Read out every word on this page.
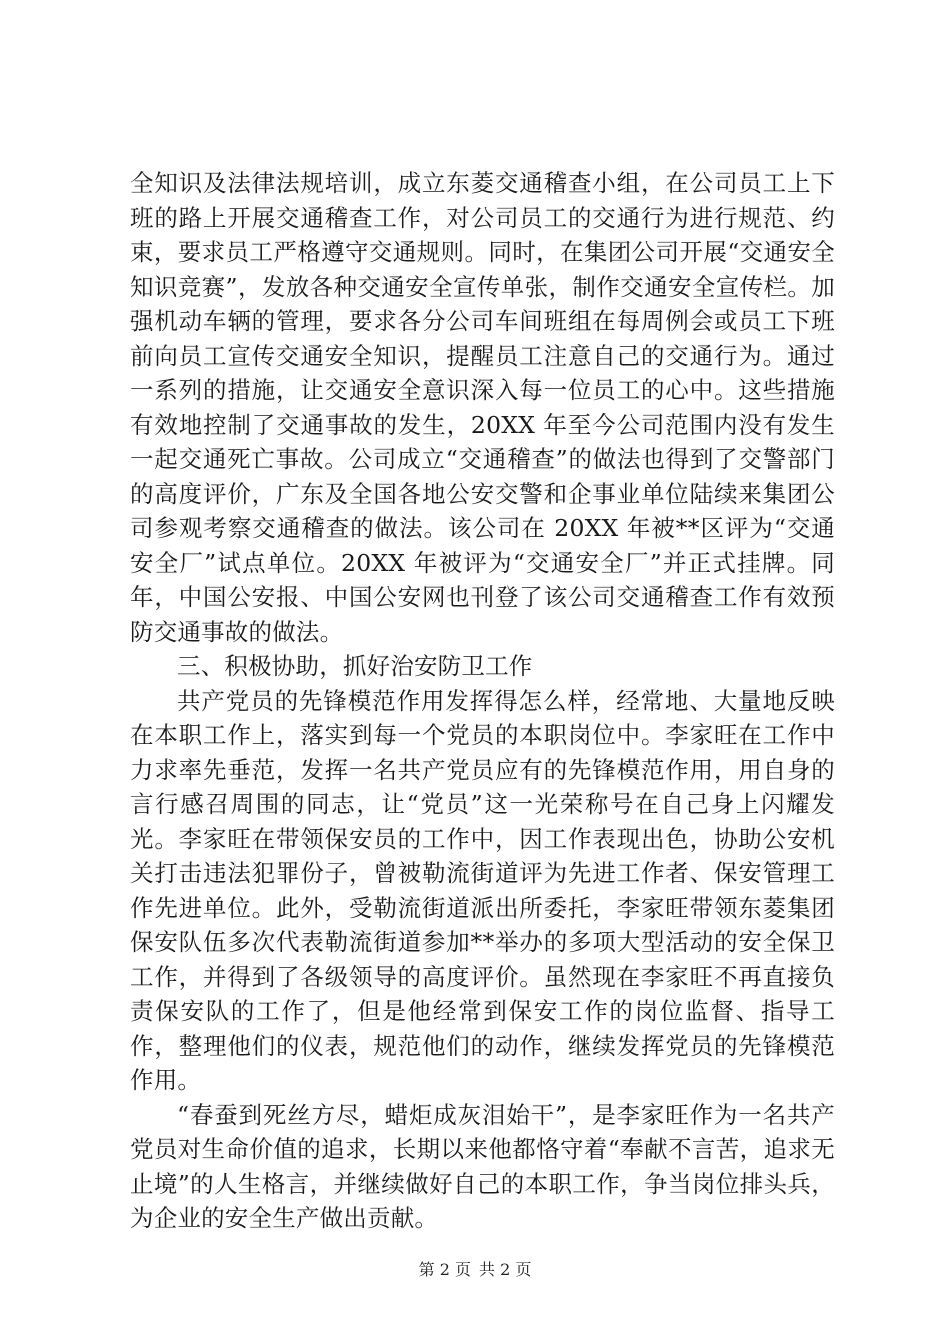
全知识及法律法规培训，成立东菱交通稽查小组，在公司员工上下班的路上开展交通稽查工作，对公司员工的交通行为进行规范、约束，要求员工严格遵守交通规则。同时，在集团公司开展“交通安全知识竞赛”，发放各种交通安全宣传单张，制作交通安全宣传栏。加强机动车辆的管理，要求各分公司车间班组在每周例会或员工下班前向员工宣传交通安全知识，提醒员工注意自己的交通行为。通过一系列的措施，让交通安全意识深入每一位员工的心中。这些措施有效地控制了交通事故的发生，20XX 年至今公司范围内没有发生一起交通死亡事故。公司成立“交通稽查”的做法也得到了交警部门的高度评价，广东及全国各地公安交警和企事业单位陆续来集团公司参观考察交通稽查的做法。该公司在 20XX 年被**区评为“交通安全厂”试点单位。20XX 年被评为“交通安全厂”并正式挂牌。同年，中国公安报、中国公安网也刊登了该公司交通稽查工作有效预防交通事故的做法。

三、积极协助，抓好治安防卫工作

共产党员的先锋模范作用发挥得怎么样，经常地、大量地反映在本职工作上，落实到每一个党员的本职岗位中。李家旺在工作中力求率先垂范，发挥一名共产党员应有的先锋模范作用，用自身的言行感召周围的同志，让“党员”这一光荣称号在自己身上闪耀发光。李家旺在带领保安员的工作中，因工作表现出色，协助公安机关打击违法犯罪份子，曾被勒流街道评为先进工作者、保安管理工作先进单位。此外，受勒流街道派出所委托，李家旺带领东菱集团保安队伍多次代表勒流街道参加**举办的多项大型活动的安全保卫工作，并得到了各级领导的高度评价。虽然现在李家旺不再直接负责保安队的工作了，但是他经常到保安工作的岗位监督、指导工作，整理他们的仪表，规范他们的动作，继续发挥党员的先锋模范作用。

“春蚕到死丝方尽，蜡炬成灰泪始干”，是李家旺作为一名共产党员对生命价值的追求，长期以来他都恪守着“奉献不言苦，追求无止境”的人生格言，并继续做好自己的本职工作，争当岗位排头兵，为企业的安全生产做出贡献。

第 2 页 共 2 页
